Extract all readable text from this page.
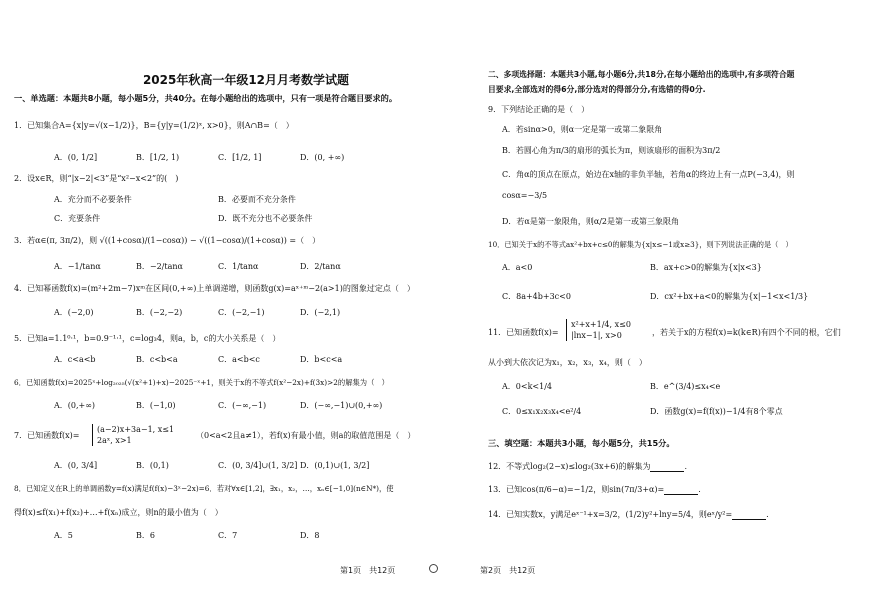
2025年秋高一年级12月月考数学试题
一、单选题：本题共8小题，每小题5分，共40分。在每小题给出的选项中，只有一项是符合题目要求的。
1．已知集合A={x|y=√(x−1/2)}，B={y|y=(1/2)ˣ, x>0}，则A∩B=（　）
A．(0, 1/2]	B．[1/2, 1)	C．[1/2, 1]	D．(0, +∞)
2．设x∈R，则“|x−2|<3”是“x²−x<2”的(　)
A．充分而不必要条件	B．必要而不充分条件
C．充要条件	D．既不充分也不必要条件
3．若α∈(π, 3π/2)，则 √((1+cosα)/(1−cosα)) − √((1−cosα)/(1+cosα)) =（　）
A．−1/tanα	B．−2/tanα	C．1/tanα	D．2/tanα
4．已知幂函数f(x)=(m²+2m−7)xᵐ在区间(0,+∞)上单调递增，则函数g(x)=aˣ⁺ᵐ−2(a>1)的图象过定点（　）
A．(−2,0)	B．(−2,−2)	C．(−2,−1)	D．(−2,1)
5．已知a=1.1⁰·¹，b=0.9⁻¹·¹，c=log₃4，则a，b，c的大小关系是（　）
A．c<a<b	B．c<b<a	C．a<b<c	D．b<c<a
6．已知函数f(x)=2025ˣ+log₂₀₂₅(√(x²+1)+x)−2025⁻ˣ+1，则关于x的不等式f(x²−2x)+f(3x)>2的解集为（　）
A．(0,+∞)	B．(−1,0)	C．(−∞,−1)	D．(−∞,−1)∪(0,+∞)
7．已知函数f(x)=
(a−2)x+3a−1, x≤1
2aˣ, x>1
（0<a<2且a≠1），若f(x)有最小值，则a的取值范围是（　）
A．(0, 3/4]	B．(0,1)	C．(0, 3/4]∪(1, 3/2] D．(0,1)∪(1, 3/2]
8．已知定义在R上的单调函数y=f(x)满足f(f(x)−3ˣ−2x)=6．若对∀x∈[1,2]，∃x₁，x₂，…，xₙ∈[−1,0](n∈N*)，使
得f(x)≤f(x₁)+f(x₂)+…+f(xₙ)成立，则n的最小值为（　）
A．5	B．6	C．7	D．8
二、多项选择题：本题共3小题,每小题6分,共18分,在每小题给出的选项中,有多项符合题
目要求,全部选对的得6分,部分选对的得部分分,有选错的得0分.
9．下列结论正确的是（　）
A．若sinα>0，则α一定是第一或第二象限角
B．若圆心角为π/3的扇形的弧长为π，则该扇形的面积为3π/2
C．角α的顶点在原点，始边在x轴的非负半轴，若角α的终边上有一点P(−3,4)，则
cosα=−3/5
D．若α是第一象限角，则α/2是第一或第三象限角
10．已知关于x的不等式ax²+bx+c≤0的解集为{x|x≤−1或x≥3}，则下列说法正确的是（　）
A．a<0	B．ax+c>0的解集为{x|x<3}
C．8a+4b+3c<0	D．cx²+bx+a<0的解集为{x|−1<x<1/3}
11．已知函数f(x)=
x²+x+1/4, x≤0
|lnx−1|, x>0	，若关于x的方程f(x)=k(k∈R)有四个不同的根，它们
从小到大依次记为x₁，x₂，x₃，x₄，则（　）
A．0<k<1/4	B．e^(3/4)≤x₄<e
C．0≤x₁x₂x₃x₄<e²/4	D．函数g(x)=f(f(x))−1/4有8个零点
三、填空题：本题共3小题，每小题5分，共15分。
12．不等式log₂(2−x)≤log₂(3x+6)的解集为	.
13．已知cos(π/6−α)=−1/2，则sin(7π/3+α)=	.
14．已知实数x，y满足eˣ⁻¹+x=3/2，(1/2)y²+lny=5/4，则eˣ/y²=	.
第1页　共12页	第2页　共12页
